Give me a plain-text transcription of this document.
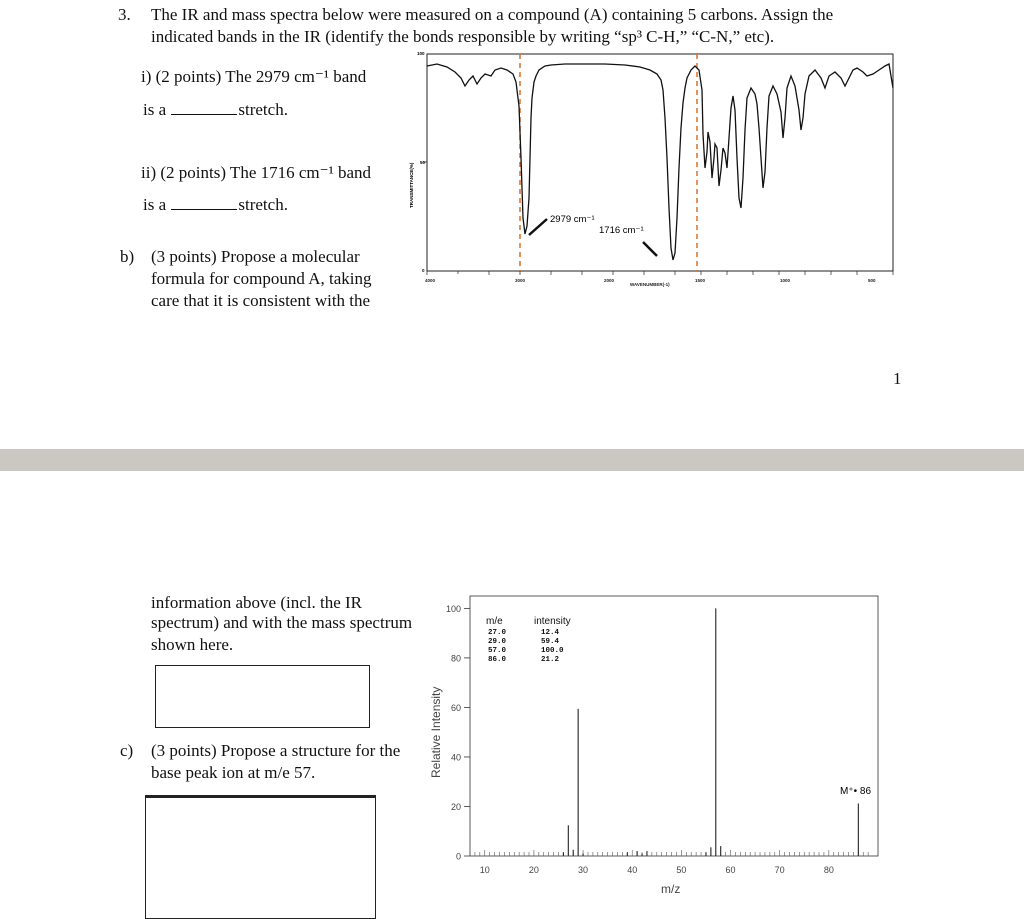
3. The IR and mass spectra below were measured on a compound (A) containing 5 carbons. Assign the
indicated bands in the IR (identify the bonds responsible by writing “sp³ C-H,” “C-N,” etc).
i) (2 points) The 2979 cm⁻¹ band
is a	stretch.
ii) (2 points) The 1716 cm⁻¹ band
is a	stretch.
b) (3 points) Propose a molecular
formula for compound A, taking
care that it is consistent with the
TRANSMITTANCE(%)
100
50
0
4000	3000	2000	1500	1000	500
WAVENUMBER(-1)
2979 cm⁻¹
1716 cm⁻¹
1
information above (incl. the IR
spectrum) and with the mass spectrum
shown here.
c) (3 points) Propose a structure for the
base peak ion at m/e 57.
0
20
40
60
80
100
10	20	30	40	50	60	70	80
Relative Intensity
m/z
m/e	intensity
27.0	12.4
29.0	59.4
57.0	100.0
86.0	21.2
M⁺• 86
